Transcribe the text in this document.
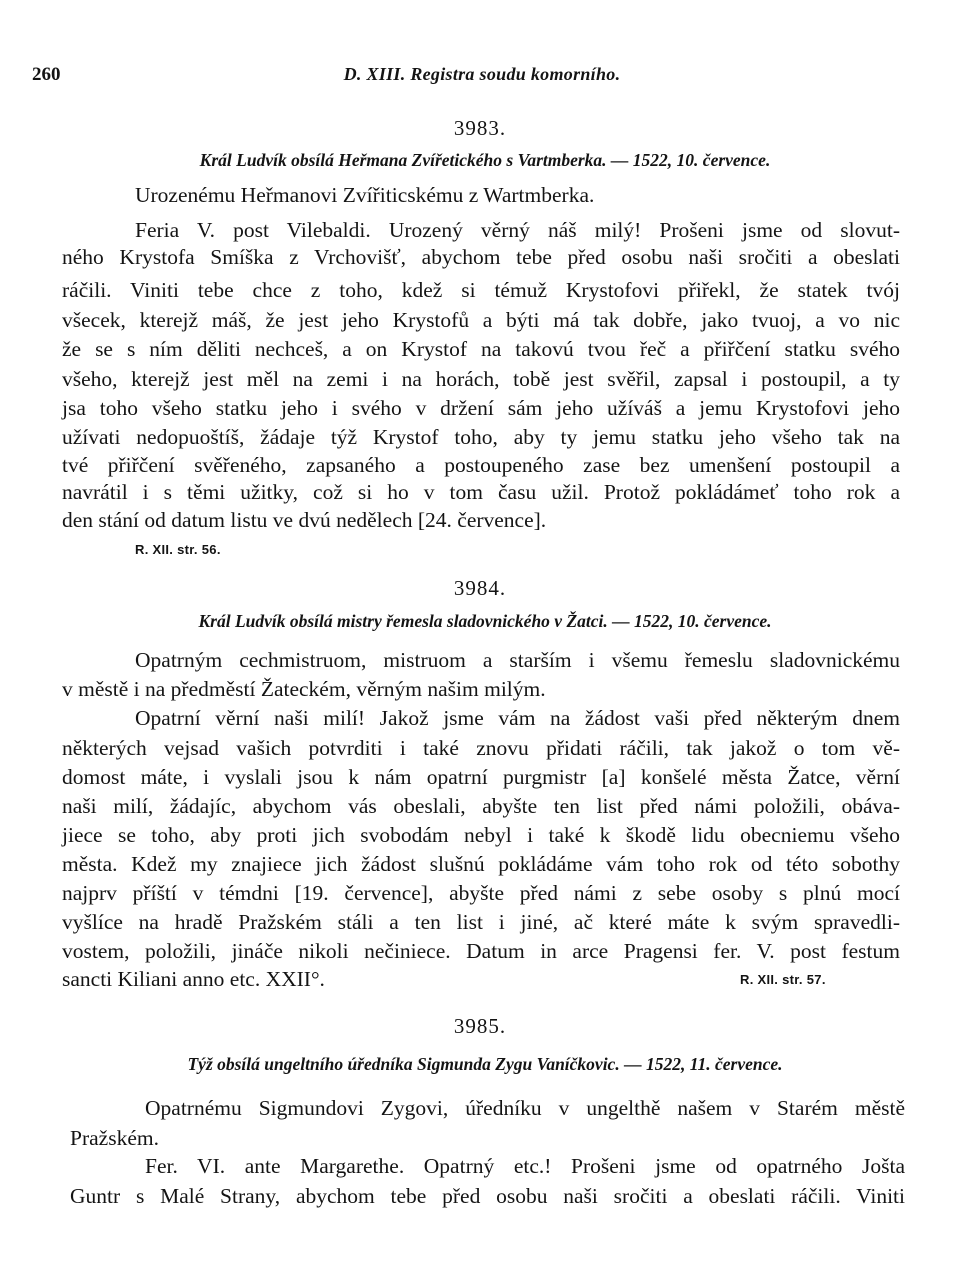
260	D. XIII. Registra soudu komorního.
3983.
Král Ludvík obsílá Heřmana Zvířetického s Vartmberka. — 1522, 10. července.
Urozenému Heřmanovi Zvířiticskému z Wartmberka.
Feria V. post Vilebaldi. Urozený věrný náš milý! Prošeni jsme od slovut-
ného Krystofa Smíška z Vrchovišť, abychom tebe před osobu naši sročiti a obeslati
ráčili. Viniti tebe chce z toho, kdež si témuž Krystofovi přiřekl, že statek tvój
všecek, kterejž máš, že jest jeho Krystofů a býti má tak dobře, jako tvuoj, a vo nic
že se s ním děliti nechceš, a on Krystof na takovú tvou řeč a přiřčení statku svého
všeho, kterejž jest měl na zemi i na horách, tobě jest svěřil, zapsal i postoupil, a ty
jsa toho všeho statku jeho i svého v držení sám jeho užíváš a jemu Krystofovi jeho
užívati nedopuoštíš, žádaje týž Krystof toho, aby ty jemu statku jeho všeho tak na
tvé přiřčení svěřeného, zapsaného a postoupeného zase bez umenšení postoupil a
navrátil i s těmi užitky, což si ho v tom času užil. Protož pokládámeť toho rok a
den stání od datum listu ve dvú nedělech [24. července].
R. XII. str. 56.
3984.
Král Ludvík obsílá mistry řemesla sladovnického v Žatci. — 1522, 10. července.
Opatrným cechmistruom, mistruom a starším i všemu řemeslu sladovnickému
v městě i na předměstí Žateckém, věrným našim milým.
Opatrní věrní naši milí! Jakož jsme vám na žádost vaši před některým dnem
některých vejsad vašich potvrditi i také znovu přidati ráčili, tak jakož o tom vě-
domost máte, i vyslali jsou k nám opatrní purgmistr [a] konšelé města Žatce, věrní
naši milí, žádajíc, abychom vás obeslali, abyšte ten list před námi položili, obáva-
jiece se toho, aby proti jich svobodám nebyl i také k škodě lidu obecniemu všeho
města. Kdež my znajiece jich žádost slušnú pokládáme vám toho rok od této sobothy
najprv příští v témdni [19. července], abyšte před námi z sebe osoby s plnú mocí
vyšlíce na hradě Pražském stáli a ten list i jiné, ač které máte k svým spravedli-
vostem, položili, jináče nikoli nečiniece. Datum in arce Pragensi fer. V. post festum
sancti Kiliani anno etc. XXII°.	R. XII. str. 57.
3985.
Týž obsílá ungeltního úředníka Sigmunda Zygu Vaníčkovic. — 1522, 11. července.
Opatrnému Sigmundovi Zygovi, úředníku v ungelthě našem v Starém městě
Pražském.
Fer. VI. ante Margarethe. Opatrný etc.! Prošeni jsme od opatrného Jošta
Guntr s Malé Strany, abychom tebe před osobu naši sročiti a obeslati ráčili. Viniti
